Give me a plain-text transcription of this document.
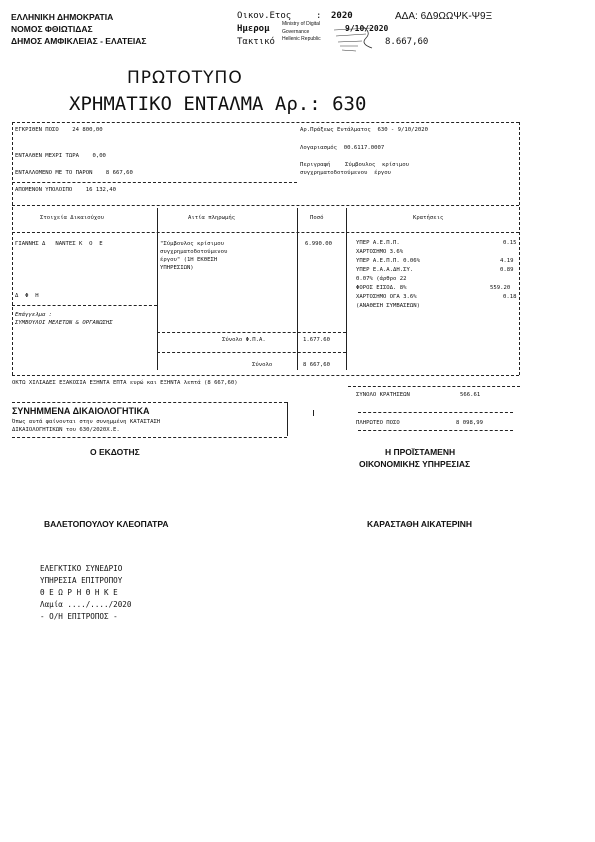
ΕΛΛΗΝΙΚΗ ΔΗΜΟΚΡΑΤΙΑ
ΝΟΜΟΣ ΦΘΙΩΤΙΔΑΣ
ΔΗΜΟΣ ΑΜΦΙΚΛΕΙΑΣ - ΕΛΑΤΕΙΑΣ
Οικον.Ετος	: 2020	ΑΔΑ: 6Δ9ΩΩΨΚ-Ψ9Ξ
Ημερομ	9/10/2020
Τακτικό	8.667,60
Ministry of Digital
Governance
Hellenic Republic
ΠΡΩΤΟΤΥΠΟ
ΧΡΗΜΑΤΙΚΟ ΕΝΤΑΛΜΑ Αρ.: 630
ΕΓΚΡΙΘΕΝ ΠΟΣΟ    24 800,00
ΕΝΤΑΛΘΕΝ ΜΕΧΡΙ ΤΩΡΑ    0,00
ΕΝΤΑΛΛΟΜΕΝΟ ΜΕ ΤΟ ΠΑΡΟΝ    8 667,60
ΑΠΟΜΕΝΟΝ ΥΠΟΛΟΙΠΟ    16 132,40
Αρ.Πράξεως Εντάλματος  630 - 9/10/2020
Λογαριασμός  00.6117.0007
Περιγραφή	Σύμβουλος  κρίσιμου
συγχρηματοδοτούμενου  έργου
Στοιχεία Δικαιούχου	Αιτία πληρωμής	Ποσό	Κρατήσεις
ΓΙΑΝΝΗΣ Δ   ΝΑΝΤΕΣ Κ  Ο  Ε
Δ  Φ  Η
Επάγγελμα :
ΣΥΜΒΟΥΛΟΙ ΜΕΛΕΤΩΝ & ΟΡΓΑΝΩΣΗΣ
"Σύμβουλος κρίσιμου
συγχρηματοδοτούμενου
έργου" (1Η ΕΚΘΕΣΗ
ΥΠΗΡΕΣΙΩΝ)
6.990.00
Σύνολο Φ.Π.Α.	1.677.60
Σύνολο	8 667,60
ΥΠΕΡ Α.Ε.Π.Π.	0.15
ΧΑΡΤΟΣΗΜΟ 3.6%
ΥΠΕΡ Α.Ε.Π.Π. 0.06%	4.19
ΥΠΕΡ Ε.Α.Α.ΔΗ.ΣΥ.	0.89
0.07% (άρθρο 22
ΦΟΡΟΣ ΕΙΣΟΔ. 8%	559.20
ΧΑΡΤΟΣΗΜΟ ΟΓΑ 3.6%	0.18
(ΑΝΑΘΕΣΗ ΣΥΜΒΑΣΕΩΝ)
ΟΚΤΩ ΧΙΛΙΑΔΕΣ ΕΞΑΚΟΣΙΑ ΕΞΗΝΤΑ ΕΠΤΑ ευρώ και ΕΞΗΝΤΑ λεπτά (8 667,60)
ΣΥΝΟΛΟ ΚΡΑΤΗΣΕΩΝ	566.61
ΣΥΝΗΜΜΕΝΑ ΔΙΚΑΙΟΛΟΓΗΤΙΚΑ
Όπως αυτά φαίνονται στην συνημμένη ΚΑΤΑΣΤΑΣΗ
ΔΙΚΑΙΟΛΟΓΗΤΙΚΩΝ του 630/2020Χ.Ε.
ΠΛΗΡΩΤΕΟ ΠΟΣΟ	8 098,99
Ο ΕΚΔΟΤΗΣ	Η ΠΡΟΪΣΤΑΜΕΝΗ
ΟΙΚΟΝΟΜΙΚΗΣ ΥΠΗΡΕΣΙΑΣ
ΒΑΛΕΤΟΠΟΥΛΟΥ ΚΛΕΟΠΑΤΡΑ	ΚΑΡΑΣΤΑΘΗ ΑΙΚΑΤΕΡΙΝΗ
ΕΛΕΓΚΤΙΚΟ ΣΥΝΕΔΡΙΟ
ΥΠΗΡΕΣΙΑ ΕΠΙΤΡΟΠΟΥ
Θ Ε Ω Ρ Η Θ Η Κ Ε
Λαμία ..../..../2020
- Ο/Η ΕΠΙΤΡΟΠΟΣ -
